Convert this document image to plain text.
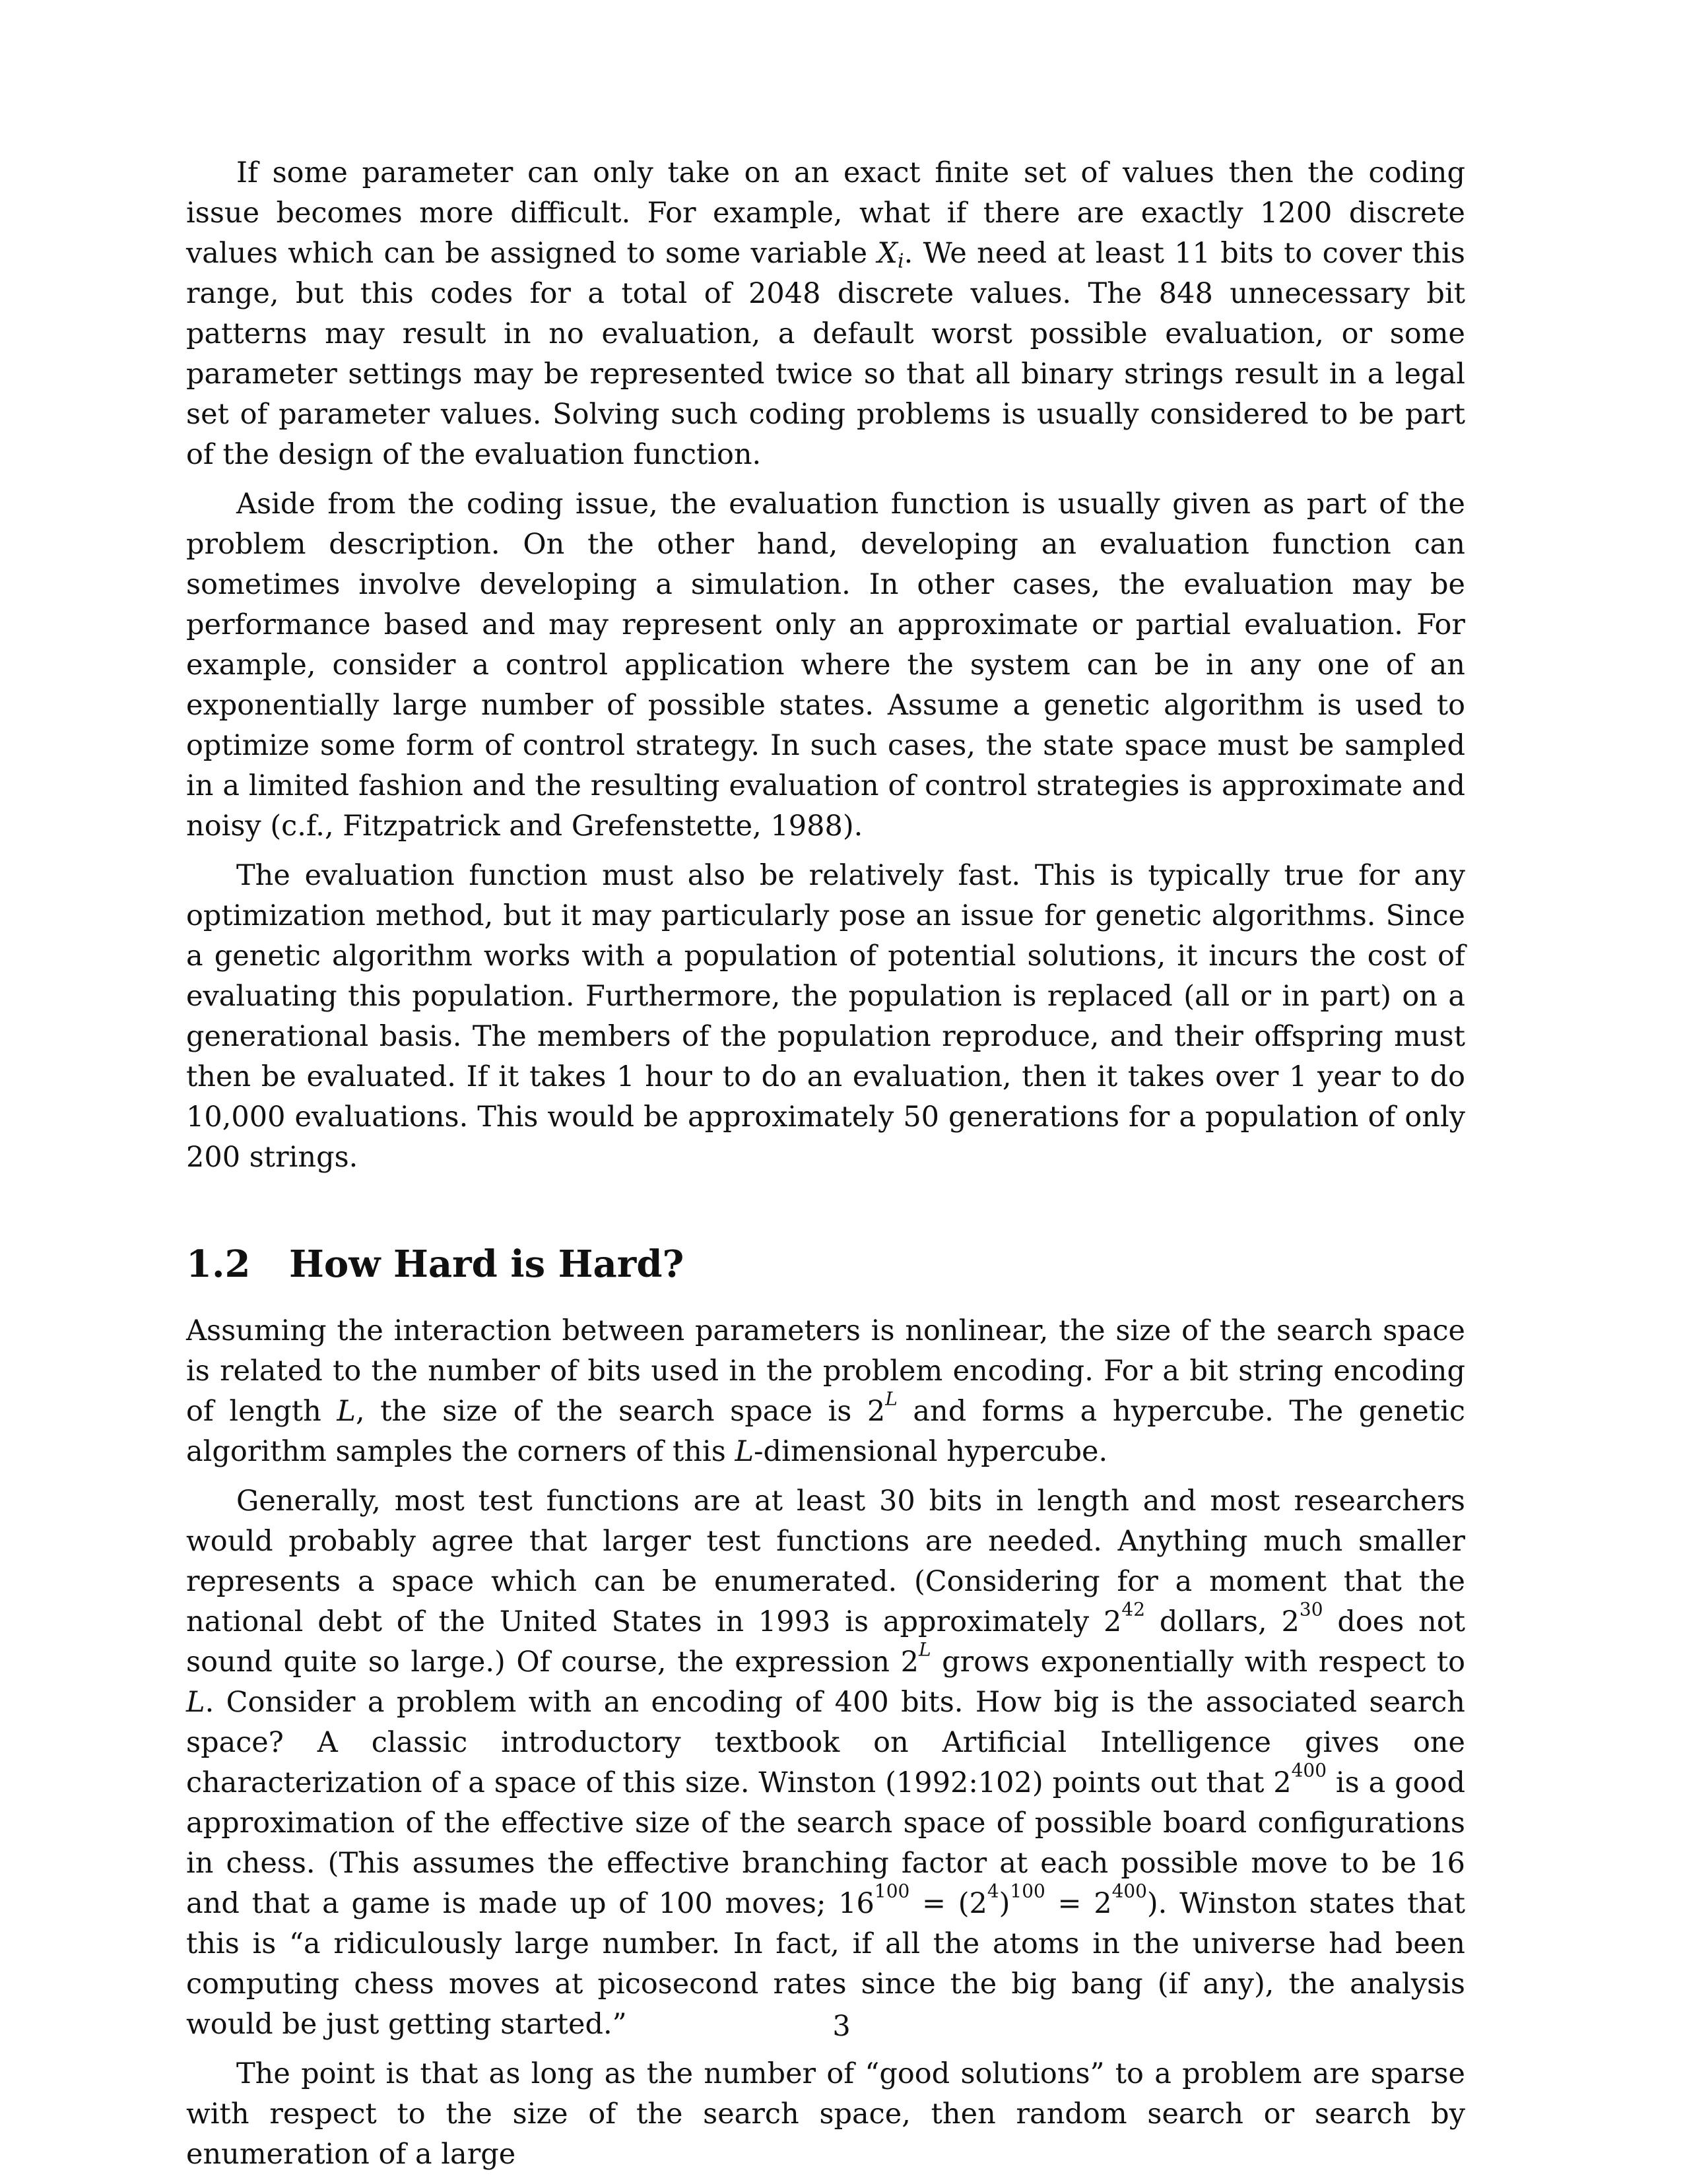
If some parameter can only take on an exact finite set of values then the coding issue becomes more difficult. For example, what if there are exactly 1200 discrete values which can be assigned to some variable $X_i$. We need at least 11 bits to cover this range, but this codes for a total of 2048 discrete values. The 848 unnecessary bit patterns may result in no evaluation, a default worst possible evaluation, or some parameter settings may be represented twice so that all binary strings result in a legal set of parameter values. Solving such coding problems is usually considered to be part of the design of the evaluation function.

Aside from the coding issue, the evaluation function is usually given as part of the problem description. On the other hand, developing an evaluation function can sometimes involve developing a simulation. In other cases, the evaluation may be performance based and may represent only an approximate or partial evaluation. For example, consider a control application where the system can be in any one of an exponentially large number of possible states. Assume a genetic algorithm is used to optimize some form of control strategy. In such cases, the state space must be sampled in a limited fashion and the resulting evaluation of control strategies is approximate and noisy (c.f., Fitzpatrick and Grefenstette, 1988).

The evaluation function must also be relatively fast. This is typically true for any optimization method, but it may particularly pose an issue for genetic algorithms. Since a genetic algorithm works with a population of potential solutions, it incurs the cost of evaluating this population. Furthermore, the population is replaced (all or in part) on a generational basis. The members of the population reproduce, and their offspring must then be evaluated. If it takes 1 hour to do an evaluation, then it takes over 1 year to do 10,000 evaluations. This would be approximately 50 generations for a population of only 200 strings.

1.2 How Hard is Hard?

Assuming the interaction between parameters is nonlinear, the size of the search space is related to the number of bits used in the problem encoding. For a bit string encoding of length L, the size of the search space is $2^L$ and forms a hypercube. The genetic algorithm samples the corners of this L-dimensional hypercube.

Generally, most test functions are at least 30 bits in length and most researchers would probably agree that larger test functions are needed. Anything much smaller represents a space which can be enumerated. (Considering for a moment that the national debt of the United States in 1993 is approximately $2^{42}$ dollars, $2^{30}$ does not sound quite so large.) Of course, the expression $2^L$ grows exponentially with respect to L. Consider a problem with an encoding of 400 bits. How big is the associated search space? A classic introductory textbook on Artificial Intelligence gives one characterization of a space of this size. Winston (1992:102) points out that $2^{400}$ is a good approximation of the effective size of the search space of possible board configurations in chess. (This assumes the effective branching factor at each possible move to be 16 and that a game is made up of 100 moves; $16^{100} = (2^4)^{100} = 2^{400}$). Winston states that this is “a ridiculously large number. In fact, if all the atoms in the universe had been computing chess moves at picosecond rates since the big bang (if any), the analysis would be just getting started.”

The point is that as long as the number of “good solutions” to a problem are sparse with respect to the size of the search space, then random search or search by enumeration of a large

3
